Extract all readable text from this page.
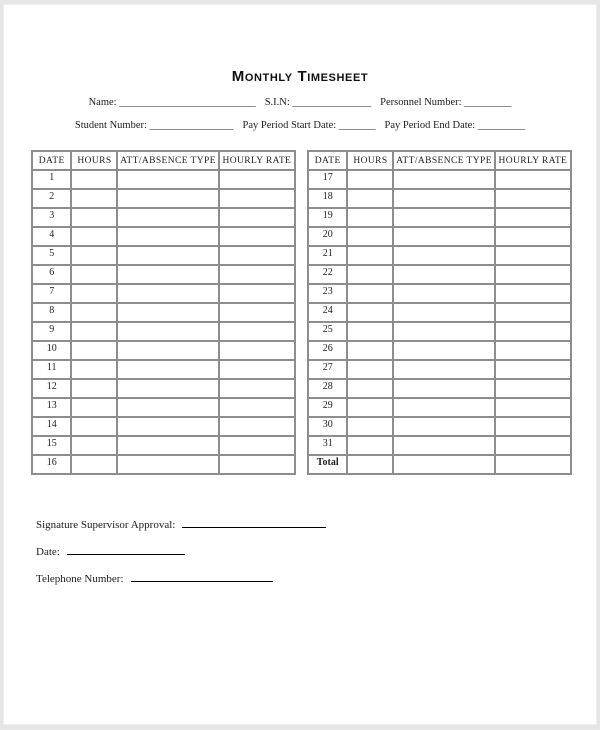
Monthly Timesheet
Name: __________________________ S.I.N: _______________ Personnel Number: _________
Student Number: ________________ Pay Period Start Date: _______ Pay Period End Date: _________
DATE	HOURS	ATT/ABSENCE TYPE	HOURLY RATE
1			
2			
3			
4			
5			
6			
7			
8			
9			
10			
11			
12			
13			
14			
15			
16			
DATE	HOURS	ATT/ABSENCE TYPE	HOURLY RATE
17			
18			
19			
20			
21			
22			
23			
24			
25			
26			
27			
28			
29			
30			
31			
Total			
Signature Supervisor Approval:
Date:
Telephone Number:
